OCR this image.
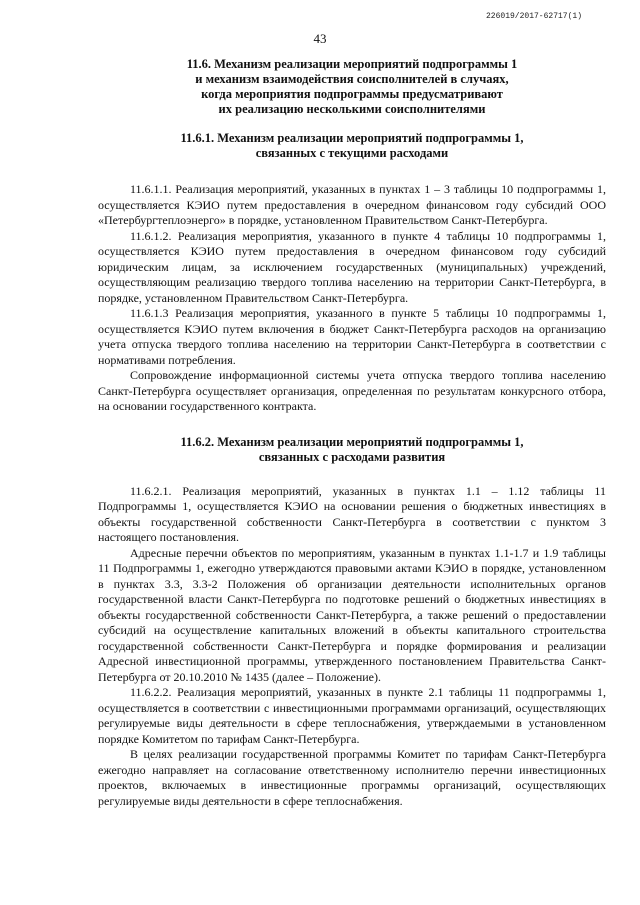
226019/2017-62717(1)
43
11.6. Механизм реализации мероприятий подпрограммы 1
и механизм взаимодействия соисполнителей в случаях,
когда мероприятия подпрограммы предусматривают
их реализацию несколькими соисполнителями
11.6.1. Механизм реализации мероприятий подпрограммы 1,
связанных с текущими расходами

11.6.1.1. Реализация мероприятий, указанных в пунктах 1 – 3 таблицы 10 подпрограммы 1, осуществляется КЭИО путем предоставления в очередном финансовом году субсидий ООО «Петербургтеплоэнерго» в порядке, установленном Правительством Санкт-Петербурга.

11.6.1.2. Реализация мероприятия, указанного в пункте 4 таблицы 10 подпрограммы 1, осуществляется КЭИО путем предоставления в очередном финансовом году субсидий юридическим лицам, за исключением государственных (муниципальных) учреждений, осуществляющим реализацию твердого топлива населению на территории Санкт-Петербурга, в порядке, установленном Правительством Санкт-Петербурга.

11.6.1.3 Реализация мероприятия, указанного в пункте 5 таблицы 10 подпрограммы 1, осуществляется КЭИО путем включения в бюджет Санкт-Петербурга расходов на организацию учета отпуска твердого топлива населению на территории Санкт-Петербурга в соответствии с нормативами потребления.

Сопровождение информационной системы учета отпуска твердого топлива населению Санкт-Петербурга осуществляет организация, определенная по результатам конкурсного отбора, на основании государственного контракта.

11.6.2. Механизм реализации мероприятий подпрограммы 1,
связанных с расходами развития

11.6.2.1. Реализация мероприятий, указанных в пунктах 1.1 – 1.12 таблицы 11 Подпрограммы 1, осуществляется КЭИО на основании решения о бюджетных инвестициях в объекты государственной собственности Санкт-Петербурга в соответствии с пунктом 3 настоящего постановления.

Адресные перечни объектов по мероприятиям, указанным в пунктах 1.1-1.7 и 1.9 таблицы 11 Подпрограммы 1, ежегодно утверждаются правовыми актами КЭИО в порядке, установленном в пунктах 3.3, 3.3-2 Положения об организации деятельности исполнительных органов государственной власти Санкт-Петербурга по подготовке решений о бюджетных инвестициях в объекты государственной собственности Санкт-Петербурга, а также решений о предоставлении субсидий на осуществление капитальных вложений в объекты капитального строительства государственной собственности Санкт-Петербурга и порядке формирования и реализации Адресной инвестиционной программы, утвержденного постановлением Правительства Санкт-Петербурга от 20.10.2010 № 1435 (далее – Положение).

11.6.2.2. Реализация мероприятий, указанных в пункте 2.1 таблицы 11 подпрограммы 1, осуществляется в соответствии с инвестиционными программами организаций, осуществляющих регулируемые виды деятельности в сфере теплоснабжения, утверждаемыми в установленном порядке Комитетом по тарифам Санкт-Петербурга.

В целях реализации государственной программы Комитет по тарифам Санкт-Петербурга ежегодно направляет на согласование ответственному исполнителю перечни инвестиционных проектов, включаемых в инвестиционные программы организаций, осуществляющих регулируемые виды деятельности в сфере теплоснабжения.
